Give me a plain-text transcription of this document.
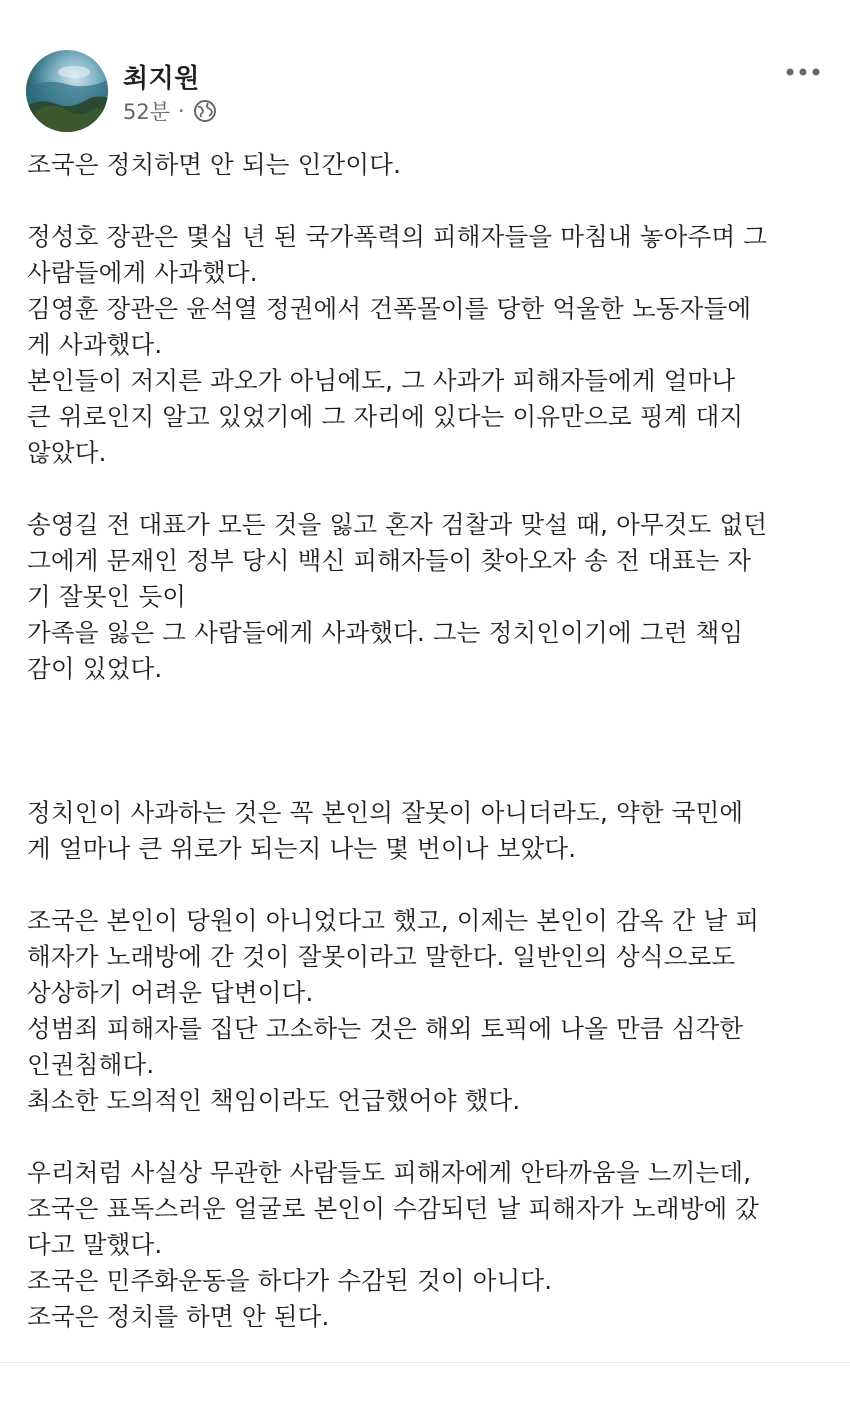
최지원
52분 ·
조국은 정치하면 안 되는 인간이다.
정성호 장관은 몇십 년 된 국가폭력의 피해자들을 마침내 놓아주며 그
사람들에게 사과했다.
김영훈 장관은 윤석열 정권에서 건폭몰이를 당한 억울한 노동자들에
게 사과했다.
본인들이 저지른 과오가 아님에도, 그 사과가 피해자들에게 얼마나
큰 위로인지 알고 있었기에 그 자리에 있다는 이유만으로 핑계 대지
않았다.
송영길 전 대표가 모든 것을 잃고 혼자 검찰과 맞설 때, 아무것도 없던
그에게 문재인 정부 당시 백신 피해자들이 찾아오자 송 전 대표는 자
기 잘못인 듯이
가족을 잃은 그 사람들에게 사과했다. 그는 정치인이기에 그런 책임
감이 있었다.
정치인이 사과하는 것은 꼭 본인의 잘못이 아니더라도, 약한 국민에
게 얼마나 큰 위로가 되는지 나는 몇 번이나 보았다.
조국은 본인이 당원이 아니었다고 했고, 이제는 본인이 감옥 간 날 피
해자가 노래방에 간 것이 잘못이라고 말한다. 일반인의 상식으로도
상상하기 어려운 답변이다.
성범죄 피해자를 집단 고소하는 것은 해외 토픽에 나올 만큼 심각한
인권침해다.
최소한 도의적인 책임이라도 언급했어야 했다.
우리처럼 사실상 무관한 사람들도 피해자에게 안타까움을 느끼는데,
조국은 표독스러운 얼굴로 본인이 수감되던 날 피해자가 노래방에 갔
다고 말했다.
조국은 민주화운동을 하다가 수감된 것이 아니다.
조국은 정치를 하면 안 된다.
